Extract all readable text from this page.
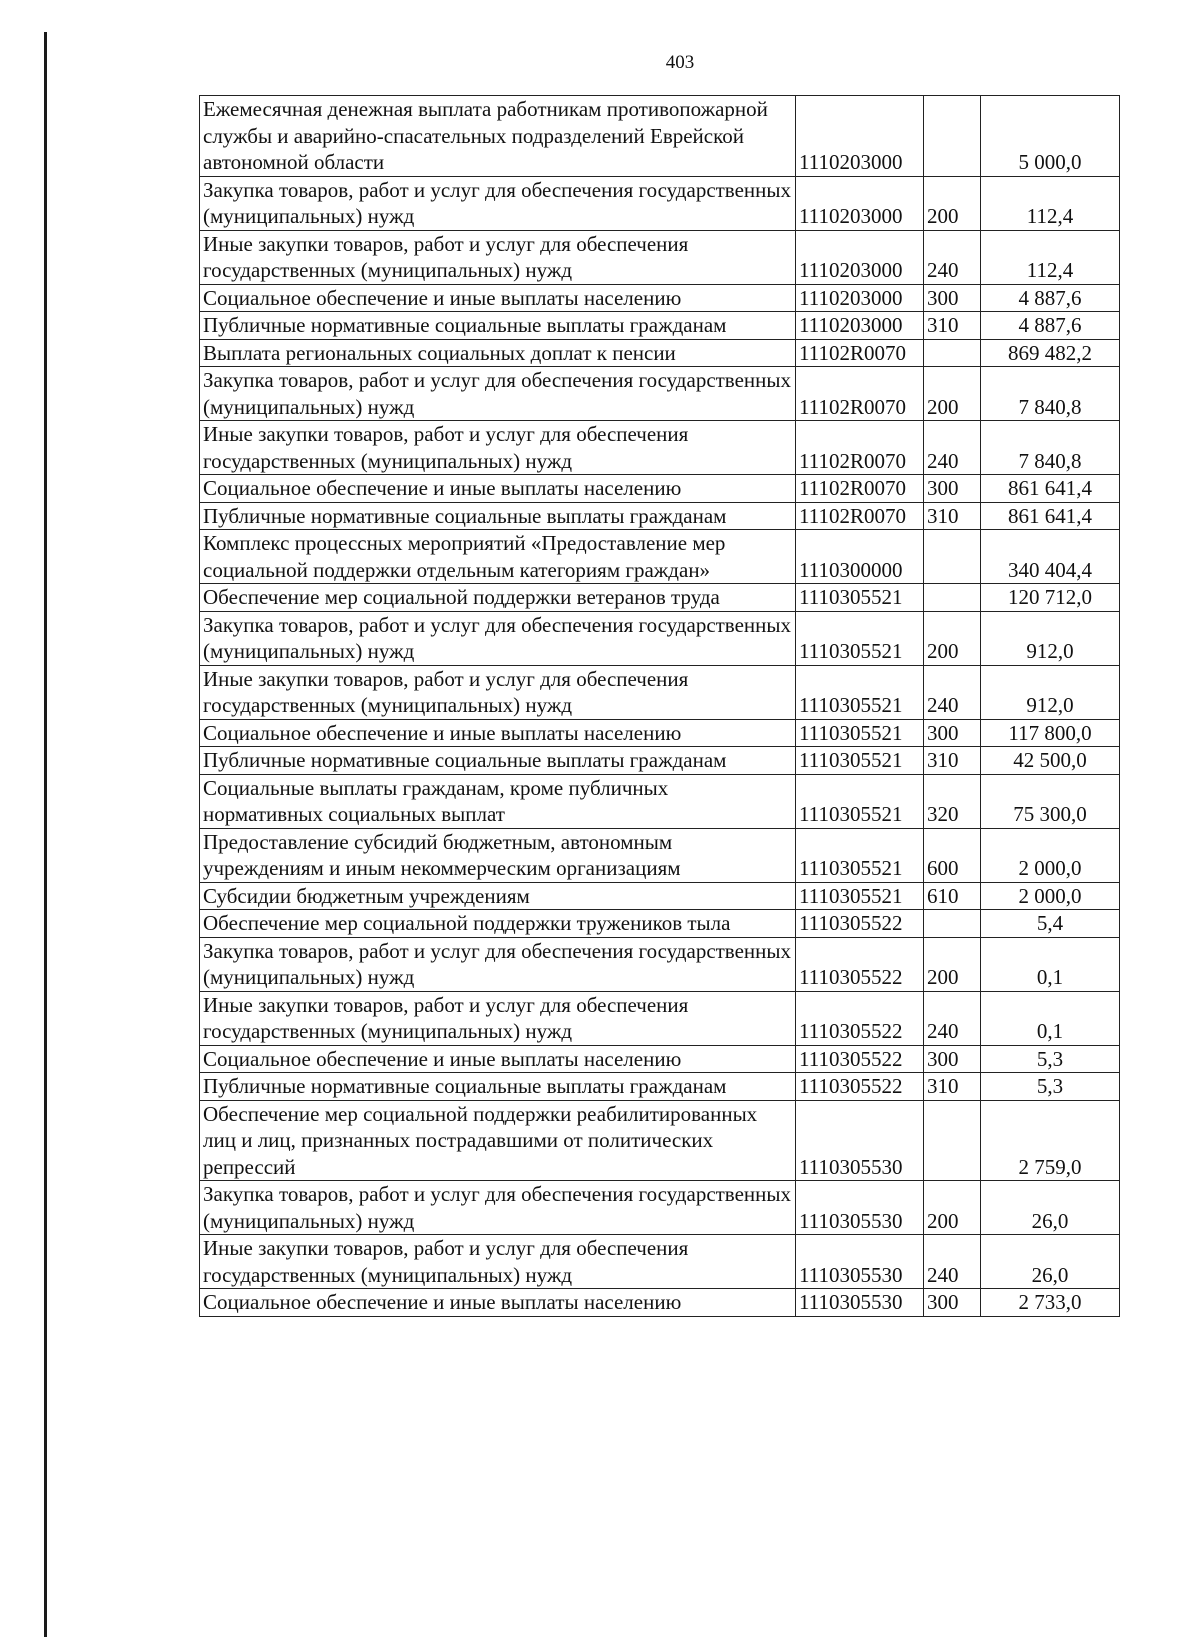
403
Ежемесячная денежная выплата работникам противопожарной службы и аварийно-спасательных подразделений Еврейской автономной области	1110203000		5 000,0
Закупка товаров, работ и услуг для обеспечения государственных (муниципальных) нужд	1110203000	200	112,4
Иные закупки товаров, работ и услуг для обеспечения государственных (муниципальных) нужд	1110203000	240	112,4
Социальное обеспечение и иные выплаты населению	1110203000	300	4 887,6
Публичные нормативные социальные выплаты гражданам	1110203000	310	4 887,6
Выплата региональных социальных доплат к пенсии	11102R0070		869 482,2
Закупка товаров, работ и услуг для обеспечения государственных (муниципальных) нужд	11102R0070	200	7 840,8
Иные закупки товаров, работ и услуг для обеспечения государственных (муниципальных) нужд	11102R0070	240	7 840,8
Социальное обеспечение и иные выплаты населению	11102R0070	300	861 641,4
Публичные нормативные социальные выплаты гражданам	11102R0070	310	861 641,4
Комплекс процессных мероприятий «Предоставление мер социальной поддержки отдельным категориям граждан»	1110300000		340 404,4
Обеспечение мер социальной поддержки ветеранов труда	1110305521		120 712,0
Закупка товаров, работ и услуг для обеспечения государственных (муниципальных) нужд	1110305521	200	912,0
Иные закупки товаров, работ и услуг для обеспечения государственных (муниципальных) нужд	1110305521	240	912,0
Социальное обеспечение и иные выплаты населению	1110305521	300	117 800,0
Публичные нормативные социальные выплаты гражданам	1110305521	310	42 500,0
Социальные выплаты гражданам, кроме публичных нормативных социальных выплат	1110305521	320	75 300,0
Предоставление субсидий бюджетным, автономным учреждениям и иным некоммерческим организациям	1110305521	600	2 000,0
Субсидии бюджетным учреждениям	1110305521	610	2 000,0
Обеспечение мер социальной поддержки тружеников тыла	1110305522		5,4
Закупка товаров, работ и услуг для обеспечения государственных (муниципальных) нужд	1110305522	200	0,1
Иные закупки товаров, работ и услуг для обеспечения государственных (муниципальных) нужд	1110305522	240	0,1
Социальное обеспечение и иные выплаты населению	1110305522	300	5,3
Публичные нормативные социальные выплаты гражданам	1110305522	310	5,3
Обеспечение мер социальной поддержки реабилитированных лиц и лиц, признанных пострадавшими от политических репрессий	1110305530		2 759,0
Закупка товаров, работ и услуг для обеспечения государственных (муниципальных) нужд	1110305530	200	26,0
Иные закупки товаров, работ и услуг для обеспечения государственных (муниципальных) нужд	1110305530	240	26,0
Социальное обеспечение и иные выплаты населению	1110305530	300	2 733,0
